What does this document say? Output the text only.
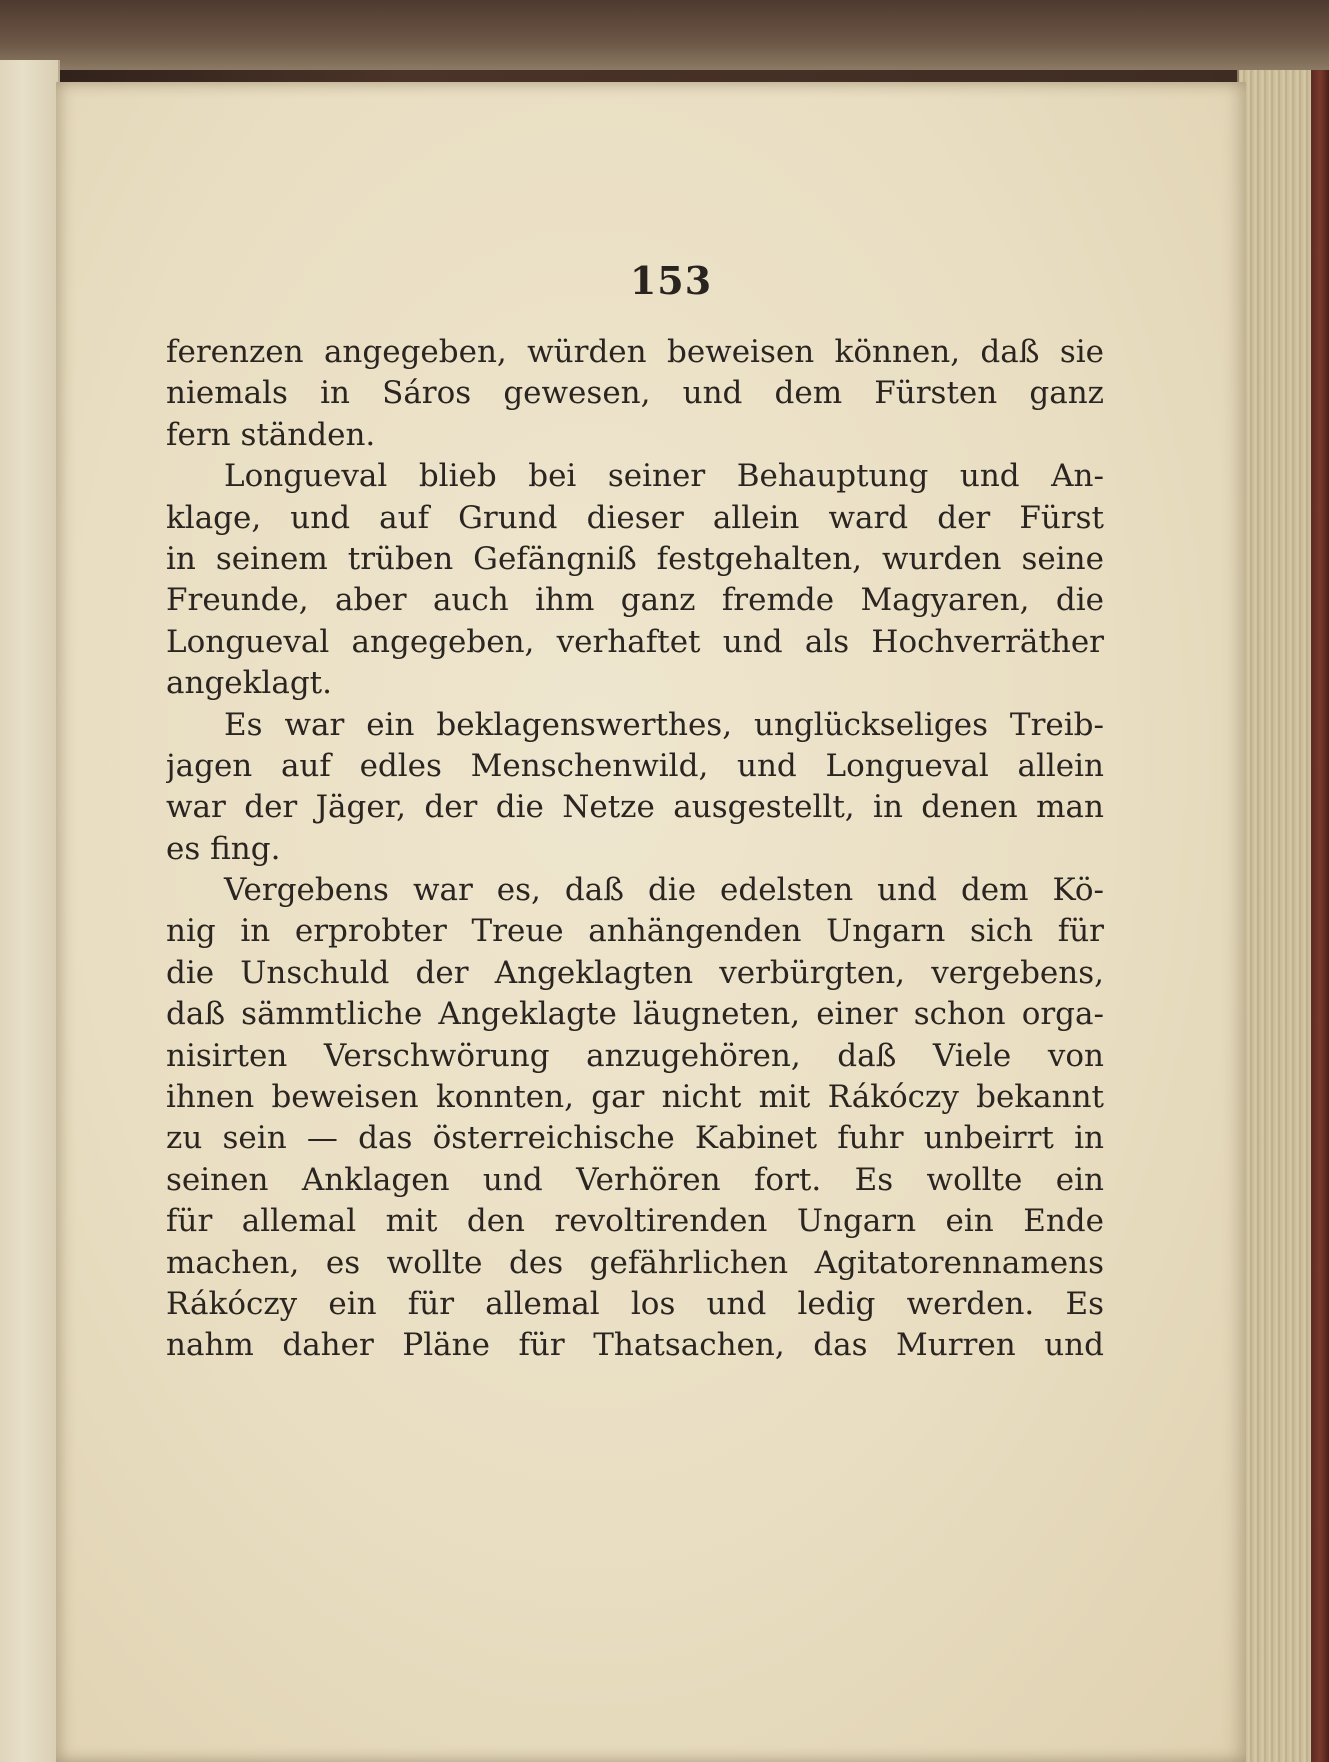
153
ferenzen angegeben, würden beweisen können, daß sie
niemals in Sáros gewesen, und dem Fürsten ganz
fern ständen.
Longueval blieb bei seiner Behauptung und An-
klage, und auf Grund dieser allein ward der Fürst
in seinem trüben Gefängniß festgehalten, wurden seine
Freunde, aber auch ihm ganz fremde Magyaren, die
Longueval angegeben, verhaftet und als Hochverräther
angeklagt.
Es war ein beklagenswerthes, unglückseliges Treib-
jagen auf edles Menschenwild, und Longueval allein
war der Jäger, der die Netze ausgestellt, in denen man
es fing.
Vergebens war es, daß die edelsten und dem Kö-
nig in erprobter Treue anhängenden Ungarn sich für
die Unschuld der Angeklagten verbürgten, vergebens,
daß sämmtliche Angeklagte läugneten, einer schon orga-
nisirten Verschwörung anzugehören, daß Viele von
ihnen beweisen konnten, gar nicht mit Rákóczy bekannt
zu sein — das österreichische Kabinet fuhr unbeirrt in
seinen Anklagen und Verhören fort. Es wollte ein
für allemal mit den revoltirenden Ungarn ein Ende
machen, es wollte des gefährlichen Agitatorennamens
Rákóczy ein für allemal los und ledig werden. Es
nahm daher Pläne für Thatsachen, das Murren und
